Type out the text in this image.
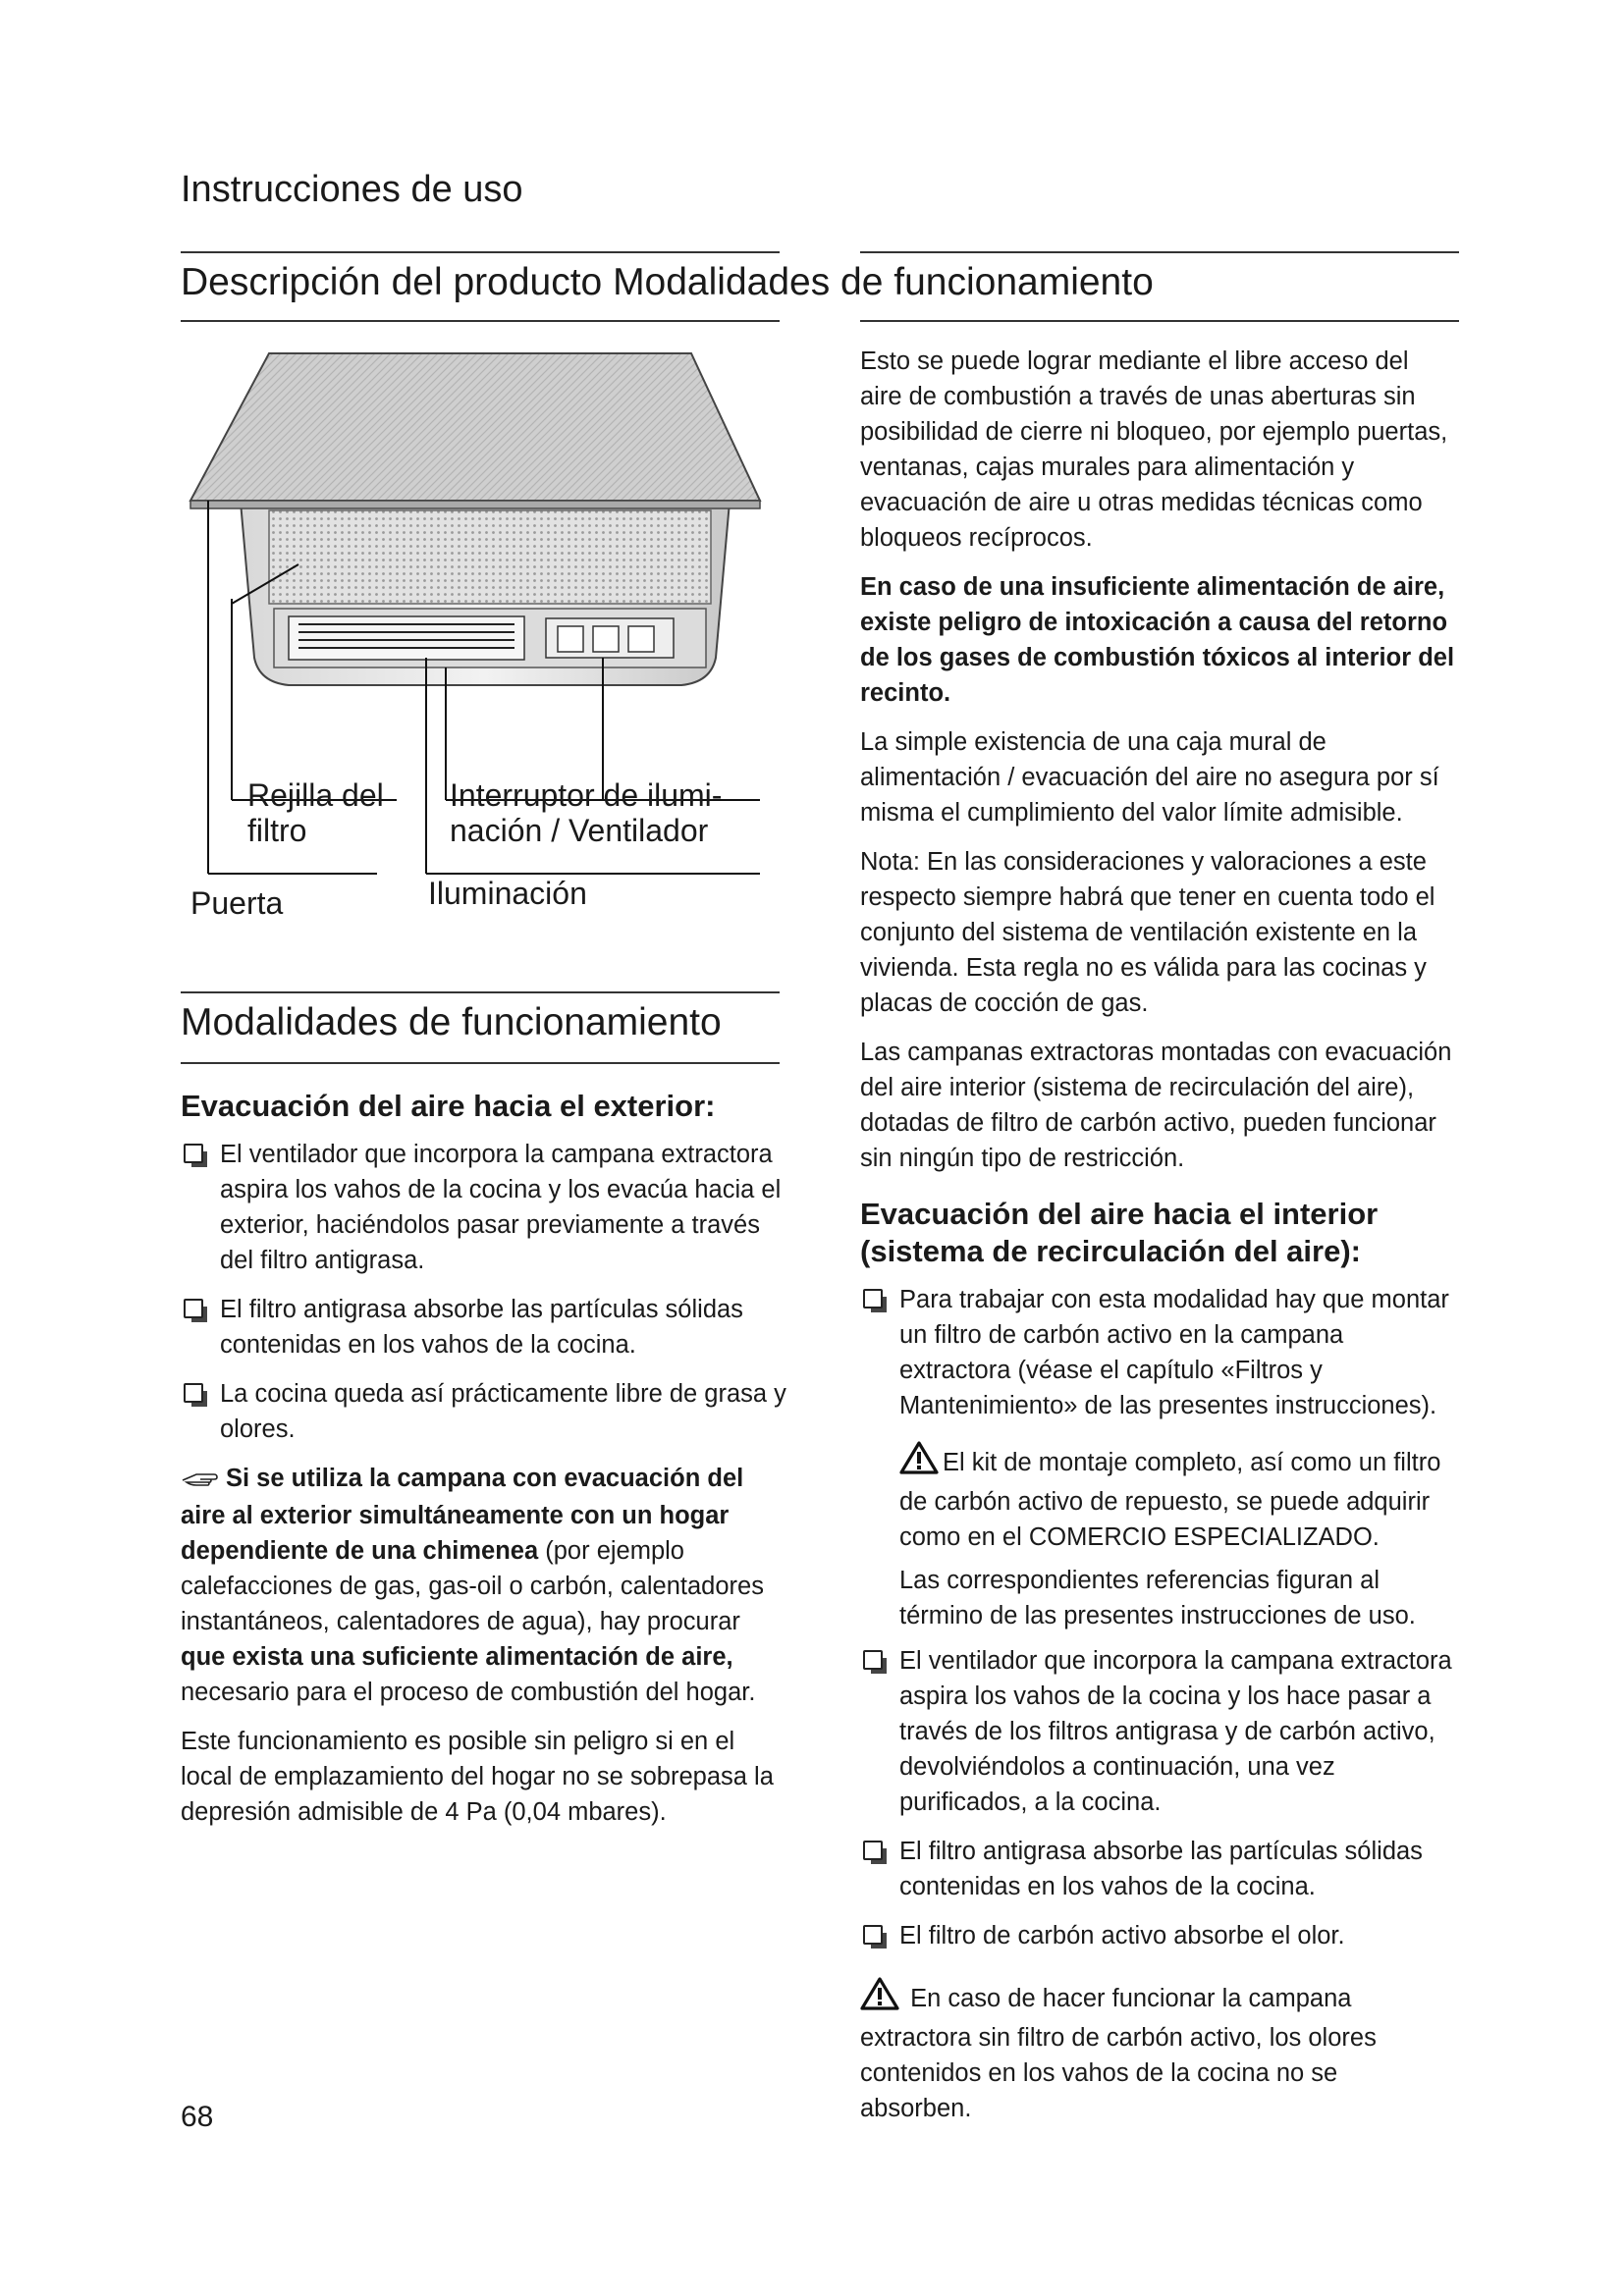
Instrucciones de uso
Descripción del producto Modalidades de funcionamiento
Rejilla del
filtro
Interruptor de ilumi-
nación / Ventilador
Puerta	Iluminación
Modalidades de funcionamiento
Evacuación del aire hacia el exterior:
El ventilador que incorpora la campana extractora aspira los vahos de la cocina y los evacúa hacia el exterior, haciéndolos pasar previamente a través del filtro antigrasa.
El filtro antigrasa absorbe las partículas sólidas contenidas en los vahos de la cocina.
La cocina queda así prácticamente libre de grasa y olores.

Si se utiliza la campana con evacuación del aire al exterior simultáneamente con un hogar dependiente de una chimenea (por ejemplo calefacciones de gas, gas-oil o carbón, calentadores instantáneos, calentadores de agua), hay procurar que exista una suficiente alimentación de aire, necesario para el proceso de combustión del hogar.

Este funcionamiento es posible sin peligro si en el local de emplazamiento del hogar no se sobrepasa la depresión admisible de 4 Pa (0,04 mbares).

Esto se puede lograr mediante el libre acceso del aire de combustión a través de unas aberturas sin posibilidad de cierre ni bloqueo, por ejemplo puertas, ventanas, cajas murales para alimentación y evacuación de aire u otras medidas técnicas como bloqueos recíprocos.

En caso de una insuficiente alimentación de aire, existe peligro de intoxicación a causa del retorno de los gases de combustión tóxicos al interior del recinto.

La simple existencia de una caja mural de alimentación / evacuación del aire no asegura por sí misma el cumplimiento del valor límite admisible.

Nota: En las consideraciones y valoraciones a este respecto siempre habrá que tener en cuenta todo el conjunto del sistema de ventilación existente en la vivienda. Esta regla no es válida para las cocinas y placas de cocción de gas.

Las campanas extractoras montadas con evacuación del aire interior (sistema de recirculación del aire), dotadas de filtro de carbón activo, pueden funcionar sin ningún tipo de restricción.

Evacuación del aire hacia el interior (sistema de recirculación del aire):
Para trabajar con esta modalidad hay que montar un filtro de carbón activo en la campana extractora (véase el capítulo «Filtros y Mantenimiento» de las presentes instrucciones).
El kit de montaje completo, así como un filtro de carbón activo de repuesto, se puede adquirir como en el COMERCIO ESPECIALIZADO.
Las correspondientes referencias figuran al término de las presentes instrucciones de uso.
El ventilador que incorpora la campana extractora aspira los vahos de la cocina y los hace pasar a través de los filtros antigrasa y de carbón activo, devolviéndolos a continuación, una vez purificados, a la cocina.
El filtro antigrasa absorbe las partículas sólidas contenidas en los vahos de la cocina.
El filtro de carbón activo absorbe el olor.

En caso de hacer funcionar la campana extractora sin filtro de carbón activo, los olores contenidos en los vahos de la cocina no se absorben.

68
